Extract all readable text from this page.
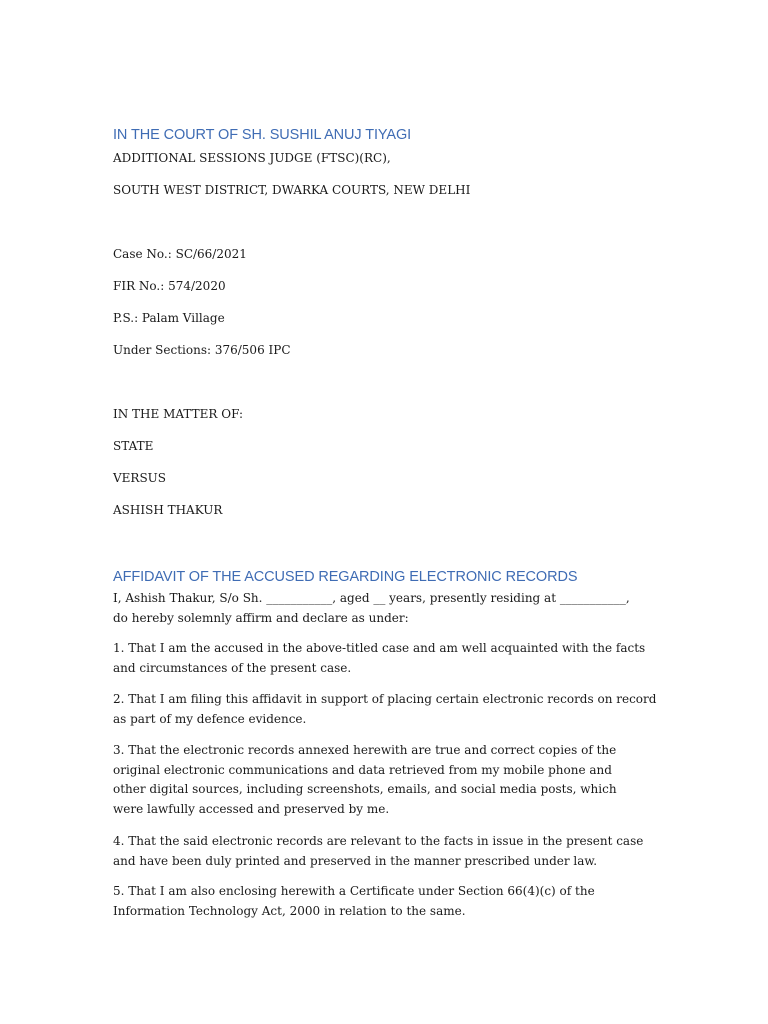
IN THE COURT OF SH. SUSHIL ANUJ TIYAGI

ADDITIONAL SESSIONS JUDGE (FTSC)(RC),

SOUTH WEST DISTRICT, DWARKA COURTS, NEW DELHI

Case No.: SC/66/2021

FIR No.: 574/2020

P.S.: Palam Village

Under Sections: 376/506 IPC

IN THE MATTER OF:

STATE

VERSUS

ASHISH THAKUR

AFFIDAVIT OF THE ACCUSED REGARDING ELECTRONIC RECORDS

I, Ashish Thakur, S/o Sh. ___________, aged __ years, presently residing at ___________, do hereby solemnly affirm and declare as under:

1. That I am the accused in the above-titled case and am well acquainted with the facts and circumstances of the present case.

2. That I am filing this affidavit in support of placing certain electronic records on record as part of my defence evidence.

3. That the electronic records annexed herewith are true and correct copies of the original electronic communications and data retrieved from my mobile phone and other digital sources, including screenshots, emails, and social media posts, which were lawfully accessed and preserved by me.

4. That the said electronic records are relevant to the facts in issue in the present case and have been duly printed and preserved in the manner prescribed under law.

5. That I am also enclosing herewith a Certificate under Section 66(4)(c) of the Information Technology Act, 2000 in relation to the same.
